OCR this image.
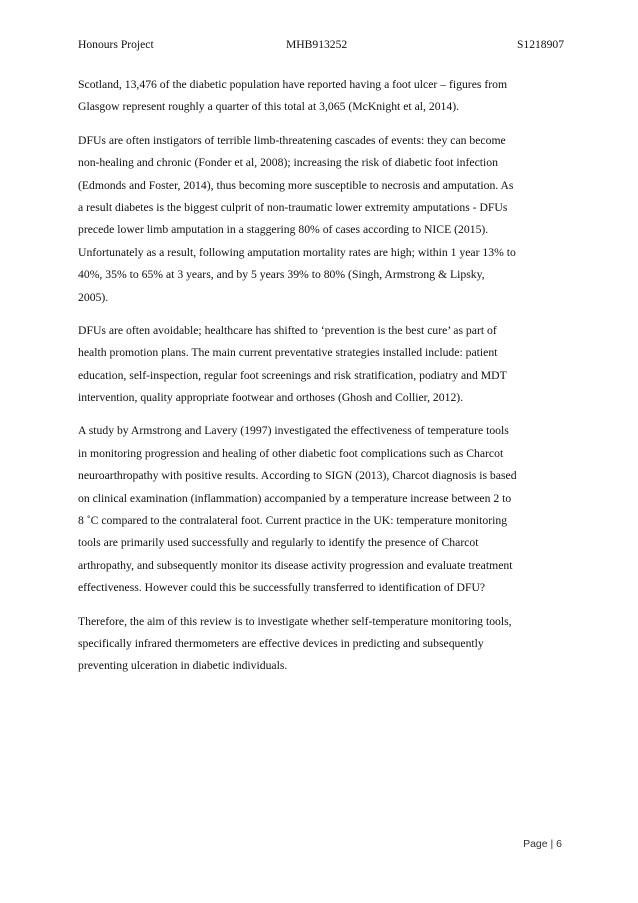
Honours Project	MHB913252	S1218907
Scotland, 13,476 of the diabetic population have reported having a foot ulcer – figures from
Glasgow represent roughly a quarter of this total at 3,065 (McKnight et al, 2014).
DFUs are often instigators of terrible limb-threatening cascades of events: they can become
non-healing and chronic (Fonder et al, 2008); increasing the risk of diabetic foot infection
(Edmonds and Foster, 2014), thus becoming more susceptible to necrosis and amputation. As
a result diabetes is the biggest culprit of non-traumatic lower extremity amputations - DFUs
precede lower limb amputation in a staggering 80% of cases according to NICE (2015).
Unfortunately as a result, following amputation mortality rates are high; within 1 year 13% to
40%, 35% to 65% at 3 years, and by 5 years 39% to 80% (Singh, Armstrong & Lipsky,
2005).
DFUs are often avoidable; healthcare has shifted to ‘prevention is the best cure’ as part of
health promotion plans. The main current preventative strategies installed include: patient
education, self-inspection, regular foot screenings and risk stratification, podiatry and MDT
intervention, quality appropriate footwear and orthoses (Ghosh and Collier, 2012).
A study by Armstrong and Lavery (1997) investigated the effectiveness of temperature tools
in monitoring progression and healing of other diabetic foot complications such as Charcot
neuroarthropathy with positive results. According to SIGN (2013), Charcot diagnosis is based
on clinical examination (inflammation) accompanied by a temperature increase between 2 to
8 ˚C compared to the contralateral foot. Current practice in the UK: temperature monitoring
tools are primarily used successfully and regularly to identify the presence of Charcot
arthropathy, and subsequently monitor its disease activity progression and evaluate treatment
effectiveness. However could this be successfully transferred to identification of DFU?
Therefore, the aim of this review is to investigate whether self-temperature monitoring tools,
specifically infrared thermometers are effective devices in predicting and subsequently
preventing ulceration in diabetic individuals.
Page | 6
